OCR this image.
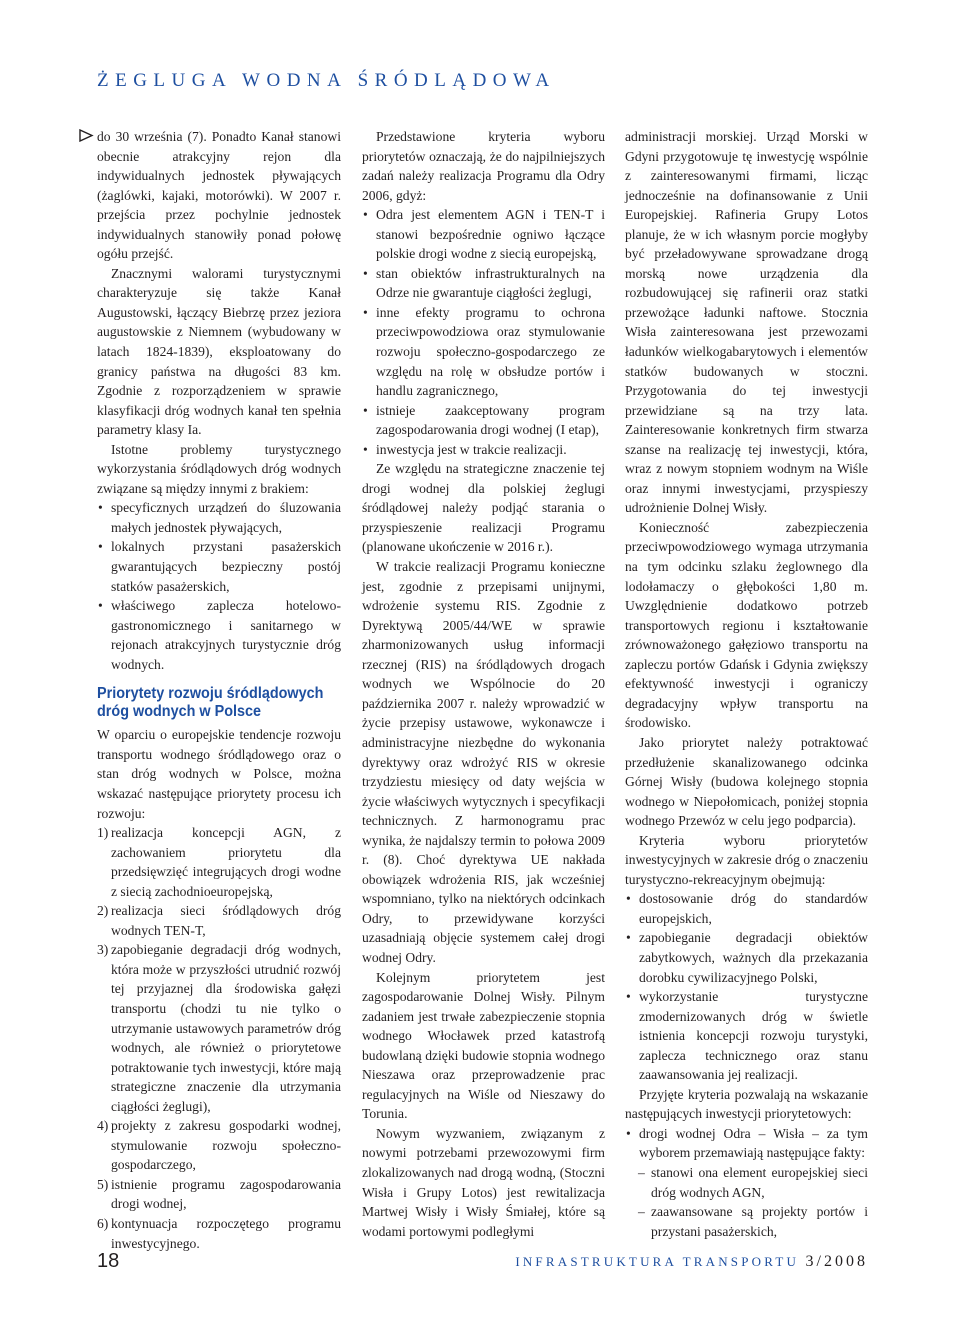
ŻEGLUGA WODNA ŚRÓDLĄDOWA

do 30 września (7). Ponadto Kanał stanowi obecnie atrakcyjny rejon dla indywidualnych jednostek pływających (żaglówki, kajaki, motorówki). W 2007 r. przejścia przez pochylnie jednostek indywidualnych stanowiły ponad połowę ogółu przejść.

Znacznymi walorami turystycznymi charakteryzuje się także Kanał Augustowski, łączący Biebrzę przez jeziora augustowskie z Niemnem (wybudowany w latach 1824-1839), eksploatowany do granicy państwa na długości 83 km. Zgodnie z rozporządzeniem w sprawie klasyfikacji dróg wodnych kanał ten spełnia parametry klasy Ia.

Istotne problemy turystycznego wykorzystania śródlądowych dróg wodnych związane są między innymi z brakiem:

• specyficznych urządzeń do śluzowania małych jednostek pływających,
• lokalnych przystani pasażerskich gwarantujących bezpieczny postój statków pasażerskich,
• właściwego zaplecza hotelowo-gastronomicznego i sanitarnego w rejonach atrakcyjnych turystycznie dróg wodnych.
Priorytety rozwoju śródlądowych
dróg wodnych w Polsce

W oparciu o europejskie tendencje rozwoju transportu wodnego śródlądowego oraz o stan dróg wodnych w Polsce, można wskazać następujące priorytety procesu ich rozwoju:

1) realizacja koncepcji AGN, z zachowaniem priorytetu dla przedsięwzięć integrujących drogi wodne z siecią zachodnioeuropejską,
2) realizacja sieci śródlądowych dróg wodnych TEN-T,
3) zapobieganie degradacji dróg wodnych, która może w przyszłości utrudnić rozwój tej przyjaznej dla środowiska gałęzi transportu (chodzi tu nie tylko o utrzymanie ustawowych parametrów dróg wodnych, ale również o priorytetowe potraktowanie tych inwestycji, które mają strategiczne znaczenie dla utrzymania ciągłości żeglugi),
4) projekty z zakresu gospodarki wodnej, stymulowanie rozwoju społeczno-gospodarczego,
5) istnienie programu zagospodarowania drogi wodnej,
6) kontynuacja rozpoczętego programu inwestycyjnego.

Przedstawione kryteria wyboru priorytetów oznaczają, że do najpilniejszych zadań należy realizacja Programu dla Odry 2006, gdyż:

• Odra jest elementem AGN i TEN-T i stanowi bezpośrednie ogniwo łączące polskie drogi wodne z siecią europejską,
• stan obiektów infrastrukturalnych na Odrze nie gwarantuje ciągłości żeglugi,
• inne efekty programu to ochrona przeciwpowodziowa oraz stymulowanie rozwoju społeczno-gospodarczego ze względu na rolę w obsłudze portów i handlu zagranicznego,
• istnieje zaakceptowany program zagospodarowania drogi wodnej (I etap),
• inwestycja jest w trakcie realizacji.

Ze względu na strategiczne znaczenie tej drogi wodnej dla polskiej żeglugi śródlądowej należy podjąć starania o przyspieszenie realizacji Programu (planowane ukończenie w 2016 r.).

W trakcie realizacji Programu konieczne jest, zgodnie z przepisami unijnymi, wdrożenie systemu RIS. Zgodnie z Dyrektywą 2005/44/WE w sprawie zharmonizowanych usług informacji rzecznej (RIS) na śródlądowych drogach wodnych we Wspólnocie do 20 października 2007 r. należy wprowadzić w życie przepisy ustawowe, wykonawcze i administracyjne niezbędne do wykonania dyrektywy oraz wdrożyć RIS w okresie trzydziestu miesięcy od daty wejścia w życie właściwych wytycznych i specyfikacji technicznych. Z harmonogramu prac wynika, że najdalszy termin to połowa 2009 r. (8). Choć dyrektywa UE nakłada obowiązek wdrożenia RIS, jak wcześniej wspomniano, tylko na niektórych odcinkach Odry, to przewidywane korzyści uzasadniają objęcie systemem całej drogi wodnej Odry.

Kolejnym priorytetem jest zagospodarowanie Dolnej Wisły. Pilnym zadaniem jest trwałe zabezpieczenie stopnia wodnego Włocławek przed katastrofą budowlaną dzięki budowie stopnia wodnego Nieszawa oraz przeprowadzenie prac regulacyjnych na Wiśle od Nieszawy do Torunia.

Nowym wyzwaniem, związanym z nowymi potrzebami przewozowymi firm zlokalizowanych nad drogą wodną, (Stoczni Wisła i Grupy Lotos) jest rewitalizacja Martwej Wisły i Wisły Śmiałej, które są wodami portowymi podległymi

administracji morskiej. Urząd Morski w Gdyni przygotowuje tę inwestycję wspólnie z zainteresowanymi firmami, licząc jednocześnie na dofinansowanie z Unii Europejskiej. Rafineria Grupy Lotos planuje, że w ich własnym porcie mogłyby być przeładowywane sprowadzane drogą morską nowe urządzenia dla rozbudowującej się rafinerii oraz statki przewożące ładunki naftowe. Stocznia Wisła zainteresowana jest przewozami ładunków wielkogabarytowych i elementów statków budowanych w stoczni. Przygotowania do tej inwestycji przewidziane są na trzy lata. Zainteresowanie konkretnych firm stwarza szanse na realizację tej inwestycji, która, wraz z nowym stopniem wodnym na Wiśle oraz innymi inwestycjami, przyspieszy udrożnienie Dolnej Wisły.

Konieczność zabezpieczenia przeciwpowodziowego wymaga utrzymania na tym odcinku szlaku żeglownego dla lodołamaczy o głębokości 1,80 m. Uwzględnienie dodatkowo potrzeb transportowych regionu i kształtowanie zrównoważonego gałęziowo transportu na zapleczu portów Gdańsk i Gdynia zwiększy efektywność inwestycji i ograniczy degradacyjny wpływ transportu na środowisko.

Jako priorytet należy potraktować przedłużenie skanalizowanego odcinka Górnej Wisły (budowa kolejnego stopnia wodnego w Niepołomicach, poniżej stopnia wodnego Przewóz w celu jego podparcia).

Kryteria wyboru priorytetów inwestycyjnych w zakresie dróg o znaczeniu turystyczno-rekreacyjnym obejmują:

• dostosowanie dróg do standardów europejskich,
• zapobieganie degradacji obiektów zabytkowych, ważnych dla przekazania dorobku cywilizacyjnego Polski,
• wykorzystanie turystyczne zmodernizowanych dróg w świetle istnienia koncepcji rozwoju turystyki, zaplecza technicznego oraz stanu zaawansowania jej realizacji.

Przyjęte kryteria pozwalają na wskazanie następujących inwestycji priorytetowych:

• drogi wodnej Odra – Wisła – za tym wyborem przemawiają następujące fakty:
– stanowi ona element europejskiej sieci dróg wodnych AGN,
– zaawansowane są projekty portów i przystani pasażerskich,
18	INFRASTRUKTURA TRANSPORTU 3/2008
